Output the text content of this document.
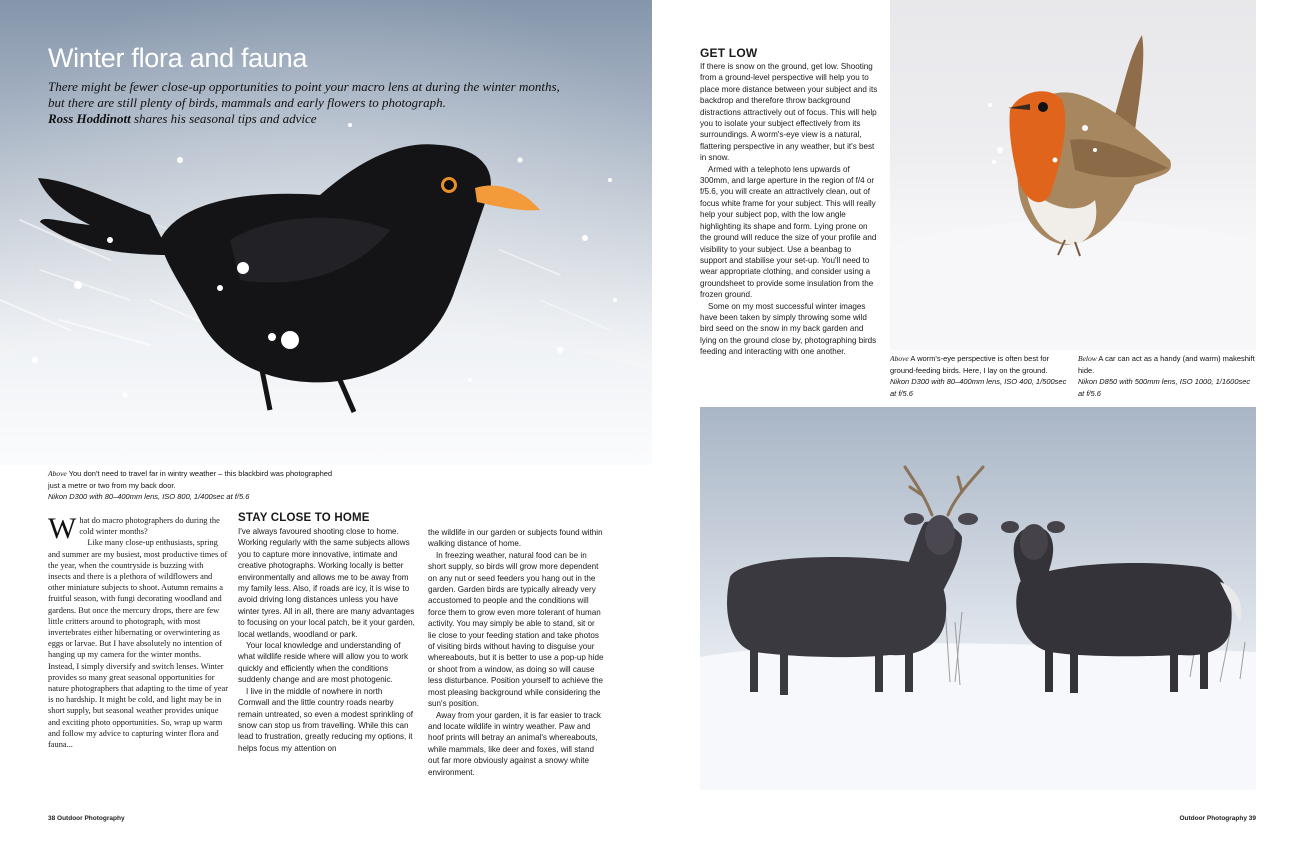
Winter flora and fauna
There might be fewer close-up opportunities to point your macro lens at during the winter months, but there are still plenty of birds, mammals and early flowers to photograph.
Ross Hoddinott shares his seasonal tips and advice
Above You don't need to travel far in wintry weather – this blackbird was photographed just a metre or two from my back door.
Nikon D300 with 80–400mm lens, ISO 800, 1/400sec at f/5.6

What do macro photographers do during the cold winter months?

Like many close-up enthusiasts, spring and summer are my busiest, most productive times of the year, when the countryside is buzzing with insects and there is a plethora of wildflowers and other miniature subjects to shoot. Autumn remains a fruitful season, with fungi decorating woodland and gardens. But once the mercury drops, there are few little critters around to photograph, with most invertebrates either hibernating or overwintering as eggs or larvae. But I have absolutely no intention of hanging up my camera for the winter months. Instead, I simply diversify and switch lenses. Winter provides so many great seasonal opportunities for nature photographers that adapting to the time of year is no hardship. It might be cold, and light may be in short supply, but seasonal weather provides unique and exciting photo opportunities. So, wrap up warm and follow my advice to capturing winter flora and fauna...

STAY CLOSE TO HOME

I've always favoured shooting close to home. Working regularly with the same subjects allows you to capture more innovative, intimate and creative photographs. Working locally is better environmentally and allows me to be away from my family less. Also, if roads are icy, it is wise to avoid driving long distances unless you have winter tyres. All in all, there are many advantages to focusing on your local patch, be it your garden, local wetlands, woodland or park.

Your local knowledge and understanding of what wildlife reside where will allow you to work quickly and efficiently when the conditions suddenly change and are most photogenic.

I live in the middle of nowhere in north Cornwall and the little country roads nearby remain untreated, so even a modest sprinkling of snow can stop us from travelling. While this can lead to frustration, greatly reducing my options, it helps focus my attention on

the wildlife in our garden or subjects found within walking distance of home.

In freezing weather, natural food can be in short supply, so birds will grow more dependent on any nut or seed feeders you hang out in the garden. Garden birds are typically already very accustomed to people and the conditions will force them to grow even more tolerant of human activity. You may simply be able to stand, sit or lie close to your feeding station and take photos of visiting birds without having to disguise your whereabouts, but it is better to use a pop-up hide or shoot from a window, as doing so will cause less disturbance. Position yourself to achieve the most pleasing background while considering the sun's position.

Away from your garden, it is far easier to track and locate wildlife in wintry weather. Paw and hoof prints will betray an animal's whereabouts, while mammals, like deer and foxes, will stand out far more obviously against a snowy white environment.

38 Outdoor Photography
GET LOW

If there is snow on the ground, get low. Shooting from a ground-level perspective will help you to place more distance between your subject and its backdrop and therefore throw background distractions attractively out of focus. This will help you to isolate your subject effectively from its surroundings. A worm's-eye view is a natural, flattering perspective in any weather, but it's best in snow.

Armed with a telephoto lens upwards of 300mm, and large aperture in the region of f/4 or f/5.6, you will create an attractively clean, out of focus white frame for your subject. This will really help your subject pop, with the low angle highlighting its shape and form. Lying prone on the ground will reduce the size of your profile and visibility to your subject. Use a beanbag to support and stabilise your set-up. You'll need to wear appropriate clothing, and consider using a groundsheet to provide some insulation from the frozen ground.

Some on my most successful winter images have been taken by simply throwing some wild bird seed on the snow in my back garden and lying on the ground close by, photographing birds feeding and interacting with one another.

Above A worm's-eye perspective is often best for ground-feeding birds. Here, I lay on the ground.
Nikon D300 with 80–400mm lens, ISO 400, 1/500sec at f/5.6
Below A car can act as a handy (and warm) makeshift hide.
Nikon D850 with 500mm lens, ISO 1000, 1/1600sec at f/5.6
Outdoor Photography 39
